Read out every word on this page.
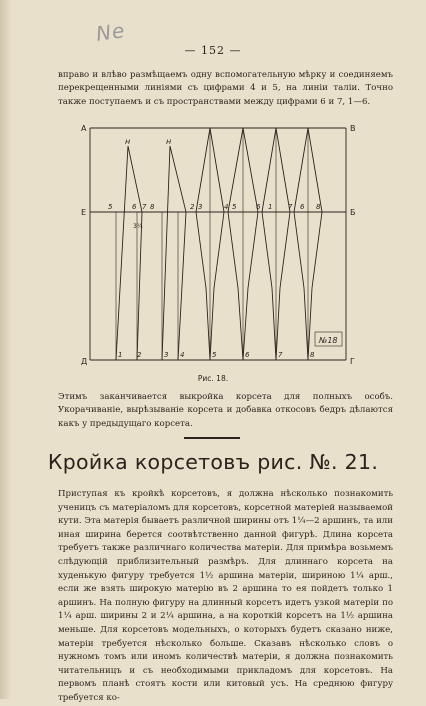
Ne
— 152 —

вправо и влѣво размѣщаемъ одну вспомогательную мѣрку и соединяемъ перекрещенными линiями съ цифрами 4 и 5, на линiи талiи. Точно также поступаемъ и съ пространствами между цифрами 6 и 7, 1—6.

А	В
Г
Д
Б
Е
н	н
3¼
№18
5	6 7 8	2 3	4 5	6 1 7 6 8
1 2	3 4	5	6	7	8
Рис. 18.

Этимъ заканчивается выкройка корсета для полныхъ особъ. Укорачиванiе, вырѣзыванiе корсета и добавка откосовъ бедръ дѣлаются какъ у предыдущаго корсета.

Кройка корсетовъ рис. №. 21.

Приступая къ кройкѣ корсетовъ, я должна нѣсколько познакомить ученицъ съ матерiаломъ для корсетовъ, корсетной матерiей называемой кути. Эта матерiя бываетъ различной ширины отъ 1¼—2 аршинъ, та или иная ширина берется соотвѣтственно данной фигурѣ. Длина корсета требуетъ также различнаго количества матерiи. Для примѣра возьмемъ слѣдующiй приблизительный размѣръ. Для длиннаго корсета на худенькую фигуру требуется 1½ аршина матерiи, шириною 1¼ арш., если же взять широкую матерiю въ 2 аршина то ея пойдетъ только 1 аршинъ. На полную фигуру на длинный корсетъ идетъ узкой матерiи по 1¼ арш. ширины 2 и 2¼ аршина, а на короткiй корсетъ на 1½ аршина меньше. Для корсетовъ модельныхъ, о которыхъ будетъ сказано ниже, матерiи требуется нѣсколько больше. Сказавъ нѣсколько словъ о нужномъ томъ или иномъ количествѣ матерiи, я должна познакомить читательницъ и съ необходимыми прикладомъ для корсетовъ. На первомъ планѣ стоятъ кости или китовый усъ. На среднюю фигуру требуется ко-
